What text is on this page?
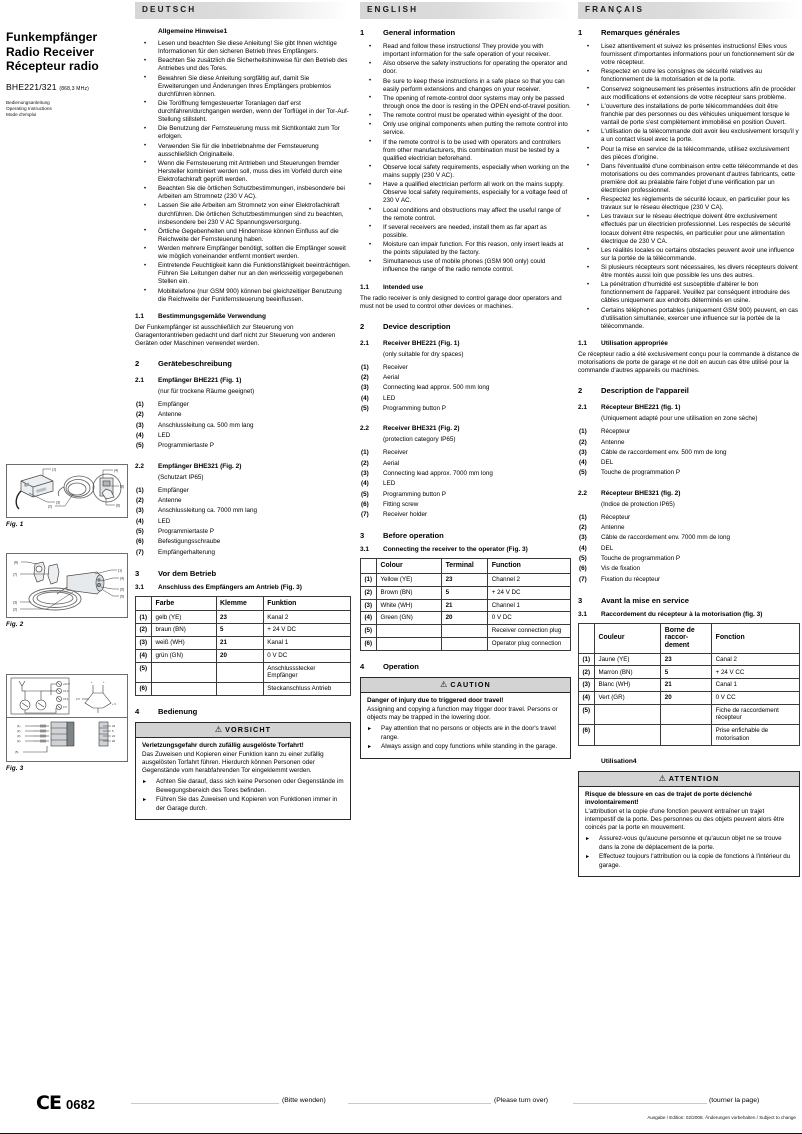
DEUTSCH	ENGLISH	FRANÇAIS
Funkempfänger
Radio Receiver
Récepteur radio
BHE221/321 (868,3 MHz)
Bedienungsanleitung
Operating Instructions
Mode d'emploi
(1)	(4)
(5)
(6)
(3)
(2)
Fig. 1
(6)
(7)
(3)
(2)
(1)
(4)
(5)
(5)
Fig. 2
+24 V
Ch 2
Ch 1
0 V
+	+
0 V
+ V
(1)
(2)
(3)
(4)
(5)
23
5
21
20
Fig. 3
Allgemeine Hinweise1
• Lesen und beachten Sie diese Anleitung! Sie gibt Ihnen wichtige Informationen für den sicheren Betrieb Ihres Empfängers.
• Beachten Sie zusätzlich die Sicherheitshinweise für den Betrieb des Antriebes und des Tores.
• Bewahren Sie diese Anleitung sorgfältig auf, damit Sie Erweiterungen und Änderungen Ihres Empfängers problemlos durchführen können.
• Die Toröffnung ferngesteuerter Toranlagen darf erst durchfahren/durchgangen werden, wenn der Torflügel in der Tor-Auf-Stellung stillsteht.
• Die Benutzung der Fernsteuerung muss mit Sichtkontakt zum Tor erfolgen.
• Verwenden Sie für die Inbetriebnahme der Fernsteuerung ausschließlich Originalteile.
• Wenn die Fernsteuerung mit Antrieben und Steuerungen fremder Hersteller kombiniert werden soll, muss dies im Vorfeld durch eine Elektrofachkraft geprüft werden.
• Beachten Sie die örtlichen Schutzbestimmungen, insbesondere bei Arbeiten am Stromnetz (230 V AC).
• Lassen Sie alle Arbeiten am Stromnetz von einer Elektrofachkraft durchführen. Die örtlichen Schutzbestimmungen sind zu beachten, insbesondere bei 230 V AC Spannungsversorgung.
• Örtliche Gegebenheiten und Hindernisse können Einfluss auf die Reichweite der Fernsteuerung haben.
• Werden mehrere Empfänger benötigt, sollten die Empfänger soweit wie möglich voneinander entfernt montiert werden.
• Eintretende Feuchtigkeit kann die Funktionsfähigkeit beeinträchtigen. Führen Sie Leitungen daher nur an den werksseitig vorgegebenen Stellen ein.
• Mobiltelefone (nur GSM 900) können bei gleichzeitiger Benutzung die Reichweite der Funkfernsteuerung beeinflussen.
1.1 Bestimmungsgemäße Verwendung
Der Funkempfänger ist ausschließlich zur Steuerung von Garagentorantrieben gedacht und darf nicht zur Steuerung von anderen Geräten oder Maschinen verwendet werden.
2 Gerätebeschreibung
2.1 Empfänger BHE221 (Fig. 1)
(nur für trockene Räume geeignet)
(1) Empfänger
(2) Antenne
(3) Anschlussleitung ca. 500 mm lang
(4) LED
(5) Programmiertaste P
2.2 Empfänger BHE321 (Fig. 2)
(Schutzart IP65)
(1) Empfänger
(2) Antenne
(3) Anschlussleitung ca. 7000 mm lang
(4) LED
(5) Programmiertaste P
(6) Befestigungsschraube
(7) Empfängerhalterung
3 Vor dem Betrieb
3.1 Anschluss des Empfängers am Antrieb (Fig. 3)
	Farbe	Klemme	Funktion
(1)	gelb (YE)	23	Kanal 2
(2)	braun (BN)	5	+ 24 V DC
(3)	weiß (WH)	21	Kanal 1
(4)	grün (GN)	20	0 V DC
(5)			Anschlussstecker Empfänger
(6)			Steckanschluss Antrieb
4 Bedienung
⚠ VORSICHT
Verletzungsgefahr durch zufällig ausgelöste Torfahrt!
Das Zuweisen und Kopieren einer Funktion kann zu einer zufällig ausgelösten Torfahrt führen. Hierdurch können Personen oder Gegenstände vom herabfahrenden Tor eingeklemmt werden.
► Achten Sie darauf, dass sich keine Personen oder Gegenstände im Bewegungsbereich des Tores befinden.
► Führen Sie das Zuweisen und Kopieren von Funktionen immer in der Garage durch.
1 General information
• Read and follow these instructions! They provide you with important information for the safe operation of your receiver.
• Also observe the safety instructions for operating the operator and door.
• Be sure to keep these instructions in a safe place so that you can easily perform extensions and changes on your receiver.
• The opening of remote-control door systems may only be passed through once the door is resting in the OPEN end-of-travel position.
• The remote control must be operated within eyesight of the door.
• Only use original components when putting the remote control into service.
• If the remote control is to be used with operators and controllers from other manufacturers, this combination must be tested by a qualified electrician beforehand.
• Observe local safety requirements, especially when working on the mains supply (230 V AC).
• Have a qualified electrician perform all work on the mains supply. Observe local safety requirements, especially for a voltage feed of 230 V AC.
• Local conditions and obstructions may affect the useful range of the remote control.
• If several receivers are needed, install them as far apart as possible.
• Moisture can impair function. For this reason, only insert leads at the points stipulated by the factory.
• Simultaneous use of mobile phones (GSM 900 only) could influence the range of the radio remote control.
1.1 Intended use
The radio receiver is only designed to control garage door operators and must not be used to control other devices or machines.
2 Device description
2.1 Receiver BHE221 (Fig. 1)
(only suitable for dry spaces)
(1) Receiver
(2) Aerial
(3) Connecting lead approx. 500 mm long
(4) LED
(5) Programming button P
2.2 Receiver BHE321 (Fig. 2)
(protection category IP65)
(1) Receiver
(2) Aerial
(3) Connecting lead approx. 7000 mm long
(4) LED
(5) Programming button P
(6) Fitting screw
(7) Receiver holder
3 Before operation
3.1 Connecting the receiver to the operator (Fig. 3)
	Colour	Terminal	Function
(1)	Yellow (YE)	23	Channel 2
(2)	Brown (BN)	5	+ 24 V DC
(3)	White (WH)	21	Channel 1
(4)	Green (GN)	20	0 V DC
(5)			Receiver connection plug
(6)			Operator plug connection
4 Operation
⚠ CAUTION
Danger of injury due to triggered door travel!
Assigning and copying a function may trigger door travel. Persons or objects may be trapped in the lowering door.
► Pay attention that no persons or objects are in the door's travel range.
► Always assign and copy functions while standing in the garage.
1 Remarques générales
• Lisez attentivement et suivez les présentes instructions! Elles vous fournissent d'importantes informations pour un fonctionnement sûr de votre récepteur.
• Respectez en outre les consignes de sécurité relatives au fonctionnement de la motorisation et de la porte.
• Conservez soigneusement les présentes instructions afin de procéder aux modifications et extensions de votre récepteur sans problème.
• L'ouverture des installations de porte télécommandées doit être franchie par des personnes ou des véhicules uniquement lorsque le vantail de porte s'est complètement immobilisé en position Ouvert.
• L'utilisation de la télécommande doit avoir lieu exclusivement lorsqu'il y a un contact visuel avec la porte.
• Pour la mise en service de la télécommande, utilisez exclusivement des pièces d'origine.
• Dans l'éventualité d'une combinaison entre cette télécommande et des motorisations ou des commandes provenant d'autres fabricants, cette première doit au préalable faire l'objet d'une vérification par un électricien professionnel.
• Respectez les règlements de sécurité locaux, en particulier pour les travaux sur le réseau électrique (230 V CA).
• Les travaux sur le réseau électrique doivent être exclusivement effectués par un électricien professionnel. Les respectés de sécurité locaux doivent être respectés, en particulier pour une alimentation électrique de 230 V CA.
• Les réalités locales ou certains obstacles peuvent avoir une influence sur la portée de la télécommande.
• Si plusieurs récepteurs sont nécessaires, les divers récepteurs doivent être montés aussi loin que possible les uns des autres.
• La pénétration d'humidité est susceptible d'altérer le bon fonctionnement de l'appareil. Veuillez par conséquent introduire des câbles uniquement aux endroits déterminés en usine.
• Certains téléphones portables (uniquement GSM 900) peuvent, en cas d'utilisation simultanée, exercer une influence sur la portée de la télécommande.
1.1 Utilisation appropriée
Ce récepteur radio a été exclusivement conçu pour la commande à distance de motorisations de porte de garage et ne doit en aucun cas être utilisé pour la commande d'autres appareils ou machines.
2 Description de l'appareil
2.1 Récepteur BHE221 (fig. 1)
(Uniquement adapté pour une utilisation en zone sèche)
(1) Récepteur
(2) Antenne
(3) Câble de raccordement env. 500 mm de long
(4) DEL
(5) Touche de programmation P
2.2 Récepteur BHE321 (fig. 2)
(Indice de protection IP65)
(1) Récepteur
(2) Antenne
(3) Câble de raccordement env. 7000 mm de long
(4) DEL
(5) Touche de programmation P
(6) Vis de fixation
(7) Fixation du récepteur
3 Avant la mise en service
3.1 Raccordement du récepteur à la motorisation (fig. 3)
	Couleur	Borne de raccor-dement	Fonction
(1)	Jaune (YE)	23	Canal 2
(2)	Marron (BN)	5	+ 24 V CC
(3)	Blanc (WH)	21	Canal 1
(4)	Vert (GR)	20	0 V CC
(5)			Fiche de raccordement récepteur
(6)			Prise enfichable de motorisation
Utilisation4
⚠ ATTENTION
Risque de blessure en cas de trajet de porte déclenché involontairement!
L'attribution et la copie d'une fonction peuvent entraîner un trajet intempestif de la porte. Des personnes ou des objets peuvent alors être coincés par la porte en mouvement.
► Assurez-vous qu'aucune personne et qu'aucun objet ne se trouve dans la zone de déplacement de la porte.
► Effectuez toujours l'attribution ou la copie de fonctions à l'intérieur du garage.
CE 0682	(Bitte wenden)	(Please turn over)	(tourner la page)
Ausgabe / Edition: 02/2008. Änderungen vorbehalten / Subject to change
